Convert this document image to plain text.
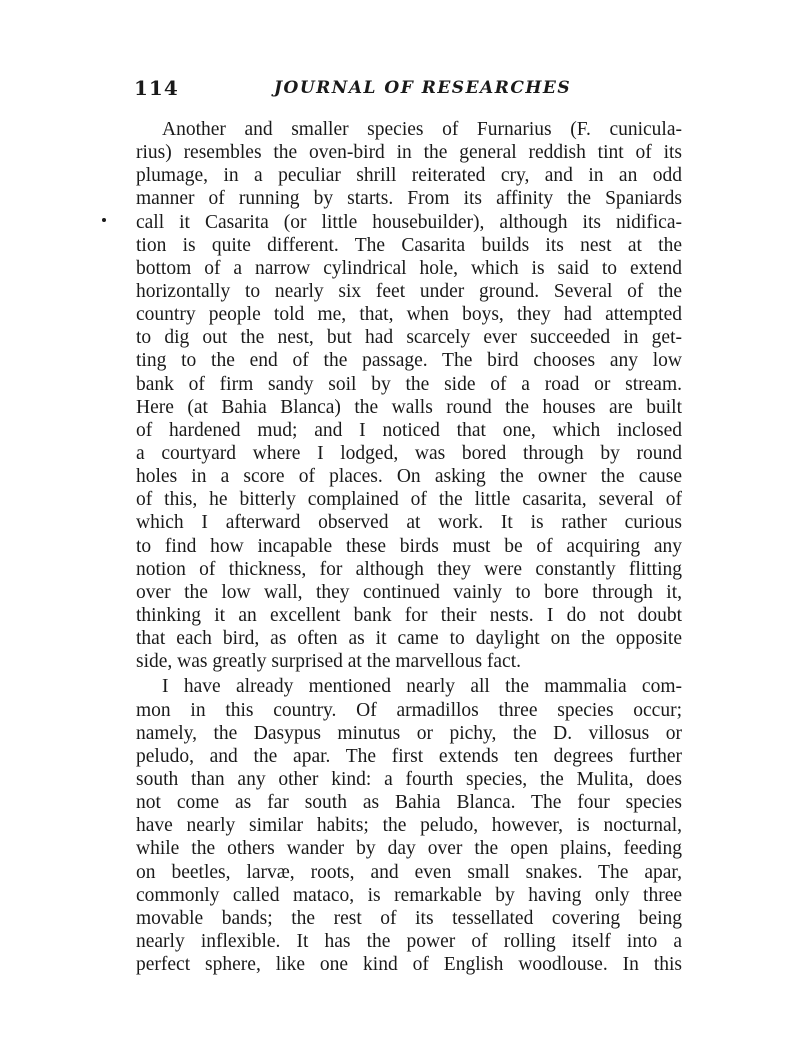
114	JOURNAL OF RESEARCHES
Another and smaller species of Furnarius (F. cunicula-
rius) resembles the oven-bird in the general reddish tint of its
plumage, in a peculiar shrill reiterated cry, and in an odd
manner of running by starts. From its affinity the Spaniards
call it Casarita (or little housebuilder), although its nidifica-
tion is quite different. The Casarita builds its nest at the
bottom of a narrow cylindrical hole, which is said to extend
horizontally to nearly six feet under ground. Several of the
country people told me, that, when boys, they had attempted
to dig out the nest, but had scarcely ever succeeded in get-
ting to the end of the passage. The bird chooses any low
bank of firm sandy soil by the side of a road or stream.
Here (at Bahia Blanca) the walls round the houses are built
of hardened mud; and I noticed that one, which inclosed
a courtyard where I lodged, was bored through by round
holes in a score of places. On asking the owner the cause
of this, he bitterly complained of the little casarita, several of
which I afterward observed at work. It is rather curious
to find how incapable these birds must be of acquiring any
notion of thickness, for although they were constantly flitting
over the low wall, they continued vainly to bore through it,
thinking it an excellent bank for their nests. I do not doubt
that each bird, as often as it came to daylight on the opposite
side, was greatly surprised at the marvellous fact.
I have already mentioned nearly all the mammalia com-
mon in this country. Of armadillos three species occur;
namely, the Dasypus minutus or pichy, the D. villosus or
peludo, and the apar. The first extends ten degrees further
south than any other kind: a fourth species, the Mulita, does
not come as far south as Bahia Blanca. The four species
have nearly similar habits; the peludo, however, is nocturnal,
while the others wander by day over the open plains, feeding
on beetles, larvæ, roots, and even small snakes. The apar,
commonly called mataco, is remarkable by having only three
movable bands; the rest of its tessellated covering being
nearly inflexible. It has the power of rolling itself into a
perfect sphere, like one kind of English woodlouse. In this
